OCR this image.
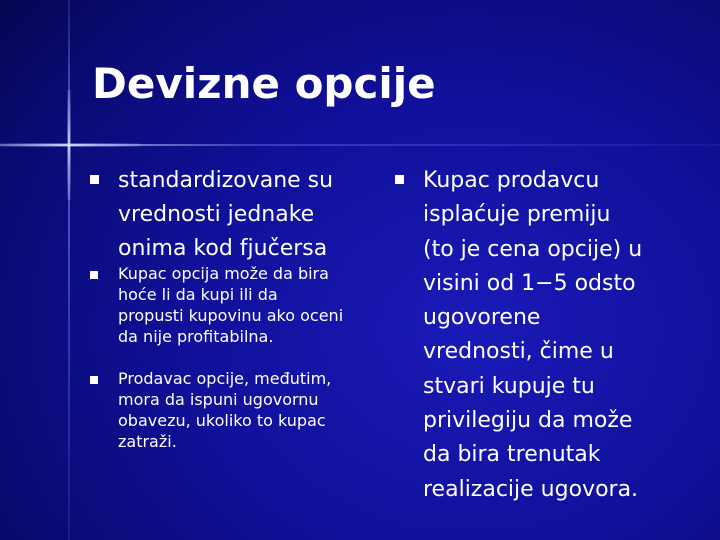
Devizne opcije
standardizovane su
vrednosti jednake
onima kod fjučersa
Kupac opcija može da bira
hoće li da kupi ili da
propusti kupovinu ako oceni
da nije profitabilna.
Prodavac opcije, međutim,
mora da ispuni ugovornu
obavezu, ukoliko to kupac
zatraži.
Kupac prodavcu
isplaćuje premiju
(to je cena opcije) u
visini od 1−5 odsto
ugovorene
vrednosti, čime u
stvari kupuje tu
privilegiju da može
da bira trenutak
realizacije ugovora.
